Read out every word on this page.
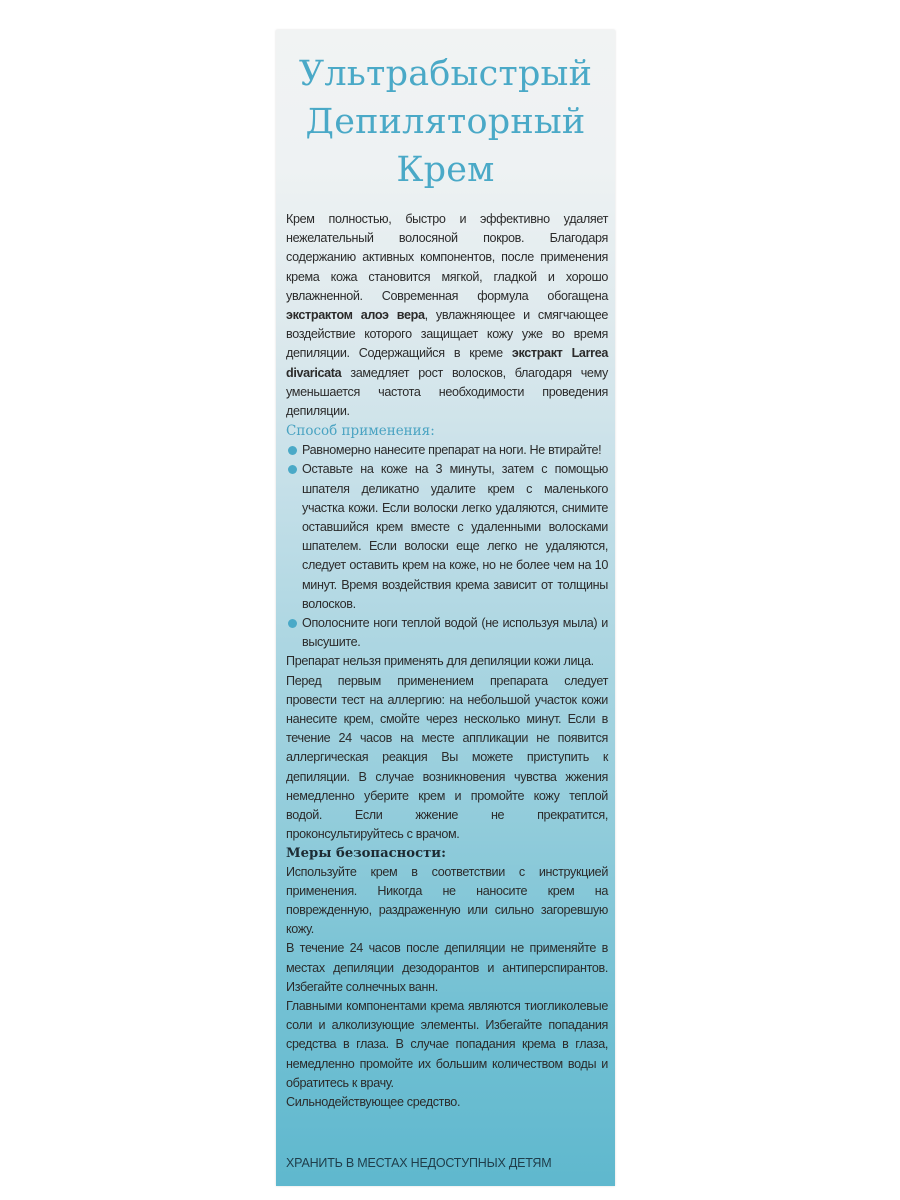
Ультрабыстрый
Депиляторный
Крем

Крем полностью, быстро и эффективно удаляет нежелательный волосяной покров. Благодаря содержанию активных компонентов, после применения крема кожа становится мягкой, гладкой и хорошо увлажненной. Современная формула обогащена экстрактом алоэ вера, увлажняющее и смягчающее воздействие которого защищает кожу уже во время депиляции. Содержащийся в креме экстракт Larrea divaricata замедляет рост волосков, благодаря чему уменьшается частота необходимости проведения депиляции.

Способ применения:

Равномерно нанесите препарат на ноги. Не втирайте!
Оставьте на коже на 3 минуты, затем с помощью шпателя деликатно удалите крем с маленького участка кожи. Если волоски легко удаляются, снимите оставшийся крем вместе с удаленными волосками шпателем. Если волоски еще легко не удаляются, следует оставить крем на коже, но не более чем на 10 минут. Время воздействия крема зависит от толщины волосков.
Ополосните ноги теплой водой (не используя мыла) и высушите.

Препарат нельзя применять для депиляции кожи лица.

Перед первым применением препарата следует провести тест на аллергию: на небольшой участок кожи нанесите крем, смойте через несколько минут. Если в течение 24 часов на месте аппликации не появится аллергическая реакция Вы можете приступить к депиляции. В случае возникновения чувства жжения немедленно уберите крем и промойте кожу теплой водой. Если жжение не прекратится, проконсультируйтесь с врачом.

Меры безопасности:

Используйте крем в соответствии с инструкцией применения. Никогда не наносите крем на поврежденную, раздраженную или сильно загоревшую кожу.

В течение 24 часов после депиляции не применяйте в местах депиляции дезодорантов и антиперспирантов. Избегайте солнечных ванн.

Главными компонентами крема являются тиогликолевые соли и алколизующие элементы. Избегайте попадания средства в глаза. В случае попадания крема в глаза, немедленно промойте их большим количеством воды и обратитесь к врачу.

Сильнодействующее средство.

ХРАНИТЬ В МЕСТАХ НЕДОСТУПНЫХ ДЕТЯМ
